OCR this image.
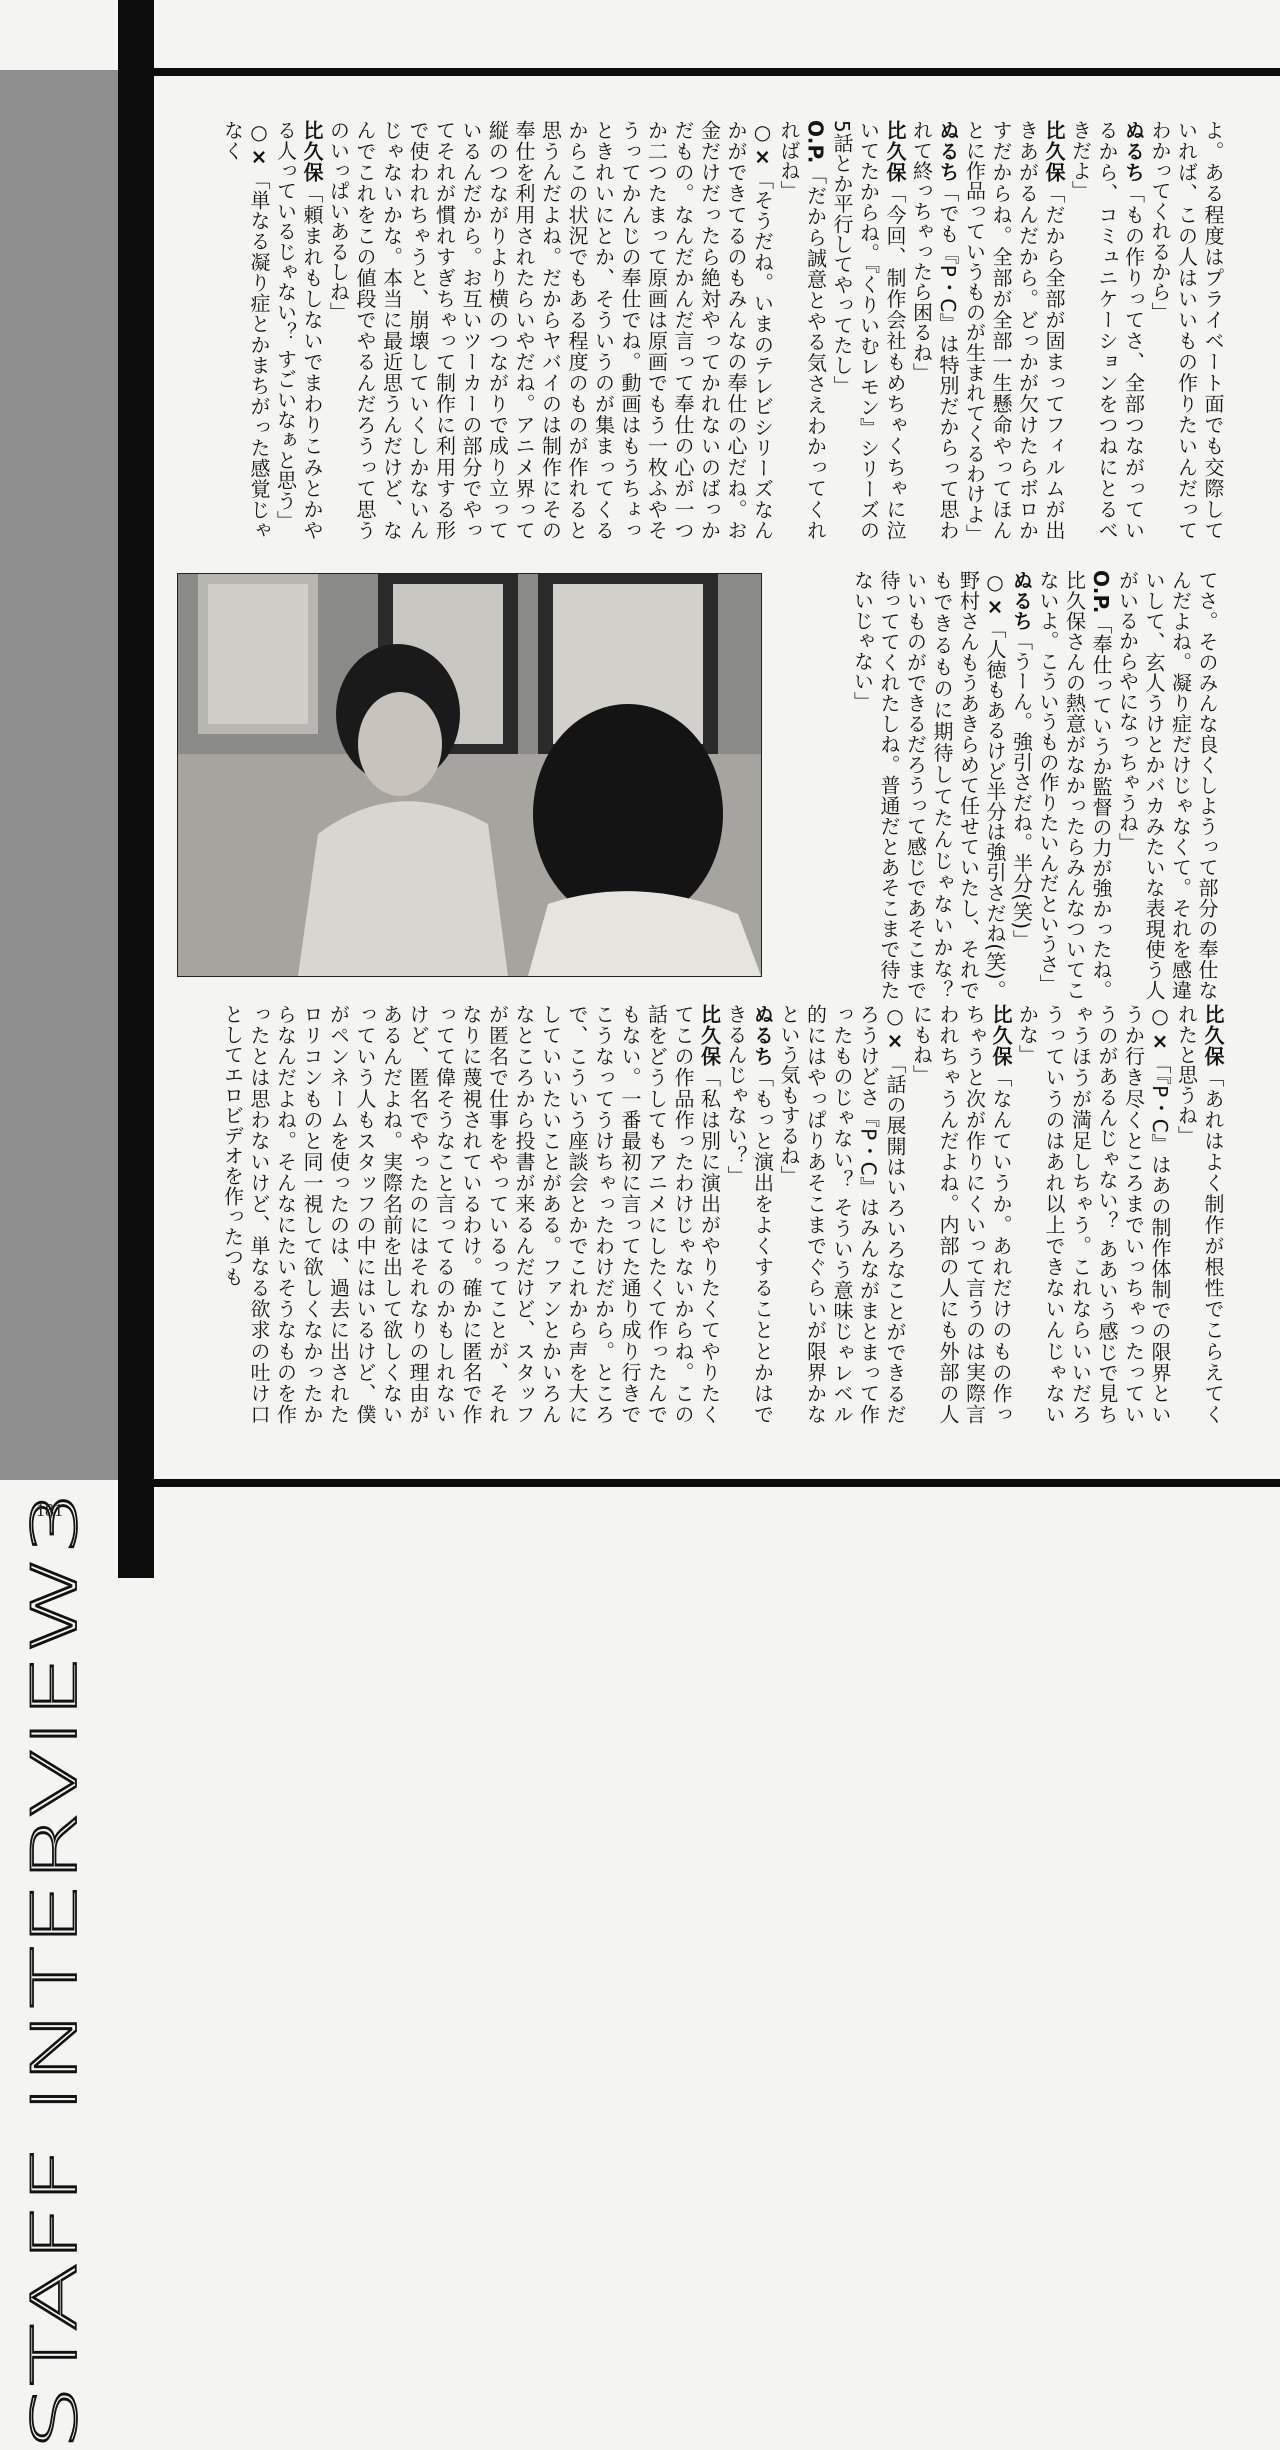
STAFF INTERVIEW3
181

よ。ある程度はプライベート面でも交際していれば、この人はいいもの作りたいんだってわかってくれるから」

ぬるち「もの作りってさ、全部つながっているから、コミュニケーションをつねにとるべきだよ」

比久保「だから全部が固まってフィルムが出きあがるんだから。どっかが欠けたらボロかすだからね。全部が全部一生懸命やってほんとに作品っていうものが生まれてくるわけよ」

ぬるち「でも『P・C』は特別だからって思われて終っちゃったら困るね」

比久保「今回、制作会社もめちゃくちゃに泣いてたからね。『くりいむレモン』シリーズの5話とか平行してやってたし」

O.P.「だから誠意とやる気さえわかってくれればね」

○×「そうだね。いまのテレビシリーズなんかができてるのもみんなの奉仕の心だね。お金だけだったら絶対やってかれないのばっかだもの。なんだかんだ言って奉仕の心が一つか二つたまって原画は原画でもう一枚ふやそうってかんじの奉仕でね。動画はもうちょっときれいにとか、そういうのが集まってくるからこの状況でもある程度のものが作れると思うんだよね。だからヤバイのは制作にその奉仕を利用されたらいやだね。アニメ界って縦のつながりより横のつながりで成り立っているんだから。お互いツーカーの部分でやってそれが慣れすぎちゃって制作に利用する形で使われちゃうと、崩壊していくしかないんじゃないかな。本当に最近思うんだけど、なんでこれをこの値段でやるんだろうって思うのいっぱいあるしね」

比久保「頼まれもしないでまわりこみとかやる人っているじゃない？ すごいなぁと思う」

○×「単なる凝り症とかまちがった感覚じゃなく

てさ。そのみんな良くしようって部分の奉仕なんだよね。凝り症だけじゃなくて。それを感違いして、玄人うけとかバカみたいな表現使う人がいるからやになっちゃうね」

O.P.「奉仕っていうか監督の力が強かったね。比久保さんの熱意がなかったらみんなついてこないよ。こういうもの作りたいんだというさ」

ぬるち「うーん。強引さだね。半分(笑)」

○×「人徳もあるけど半分は強引さだね(笑)。野村さんもうあきらめて任せていたし、それでもできるものに期待してたんじゃないかな？ いいものができるだろうって感じであそこまで待っててくれたしね。普通だとあそこまで待たないじゃない」

比久保「あれはよく制作が根性でこらえてくれたと思うね」

○×「『P・C』はあの制作体制での限界というか行き尽くところまでいっちゃったっていうのがあるんじゃない？ ああいう感じで見ちゃうほうが満足しちゃう。これならいいだろうっていうのはあれ以上できないんじゃないかな」

比久保「なんていうか。あれだけのもの作っちゃうと次が作りにくいって言うのは実際言われちゃうんだよね。内部の人にも外部の人にもね」

○×「話の展開はいろいろなことができるだろうけどさ『P・C』はみんながまとまって作ったものじゃない？ そういう意味じゃレベル的にはやっぱりあそこまでぐらいが限界かなという気もするね」

ぬるち「もっと演出をよくすることとかはできるんじゃない？」

比久保「私は別に演出がやりたくてやりたくてこの作品作ったわけじゃないからね。この話をどうしてもアニメにしたくて作ったんでもない。一番最初に言ってた通り成り行きでこうなってうけちゃったわけだから。ところで、こういう座談会とかでこれから声を大にしていいたいことがある。ファンとかいろんなところから投書が来るんだけど、スタッフが匿名で仕事をやっているってことが、それなりに蔑視されているわけ。確かに匿名で作ってて偉そうなこと言ってるのかもしれないけど、匿名でやったのにはそれなりの理由があるんだよね。実際名前を出して欲しくないっていう人もスタッフの中にはいるけど、僕がペンネームを使ったのは、過去に出されたロリコンものと同一視して欲しくなかったからなんだよね。そんなにたいそうなものを作ったとは思わないけど、単なる欲求の吐け口としてエロビデオを作ったつも
